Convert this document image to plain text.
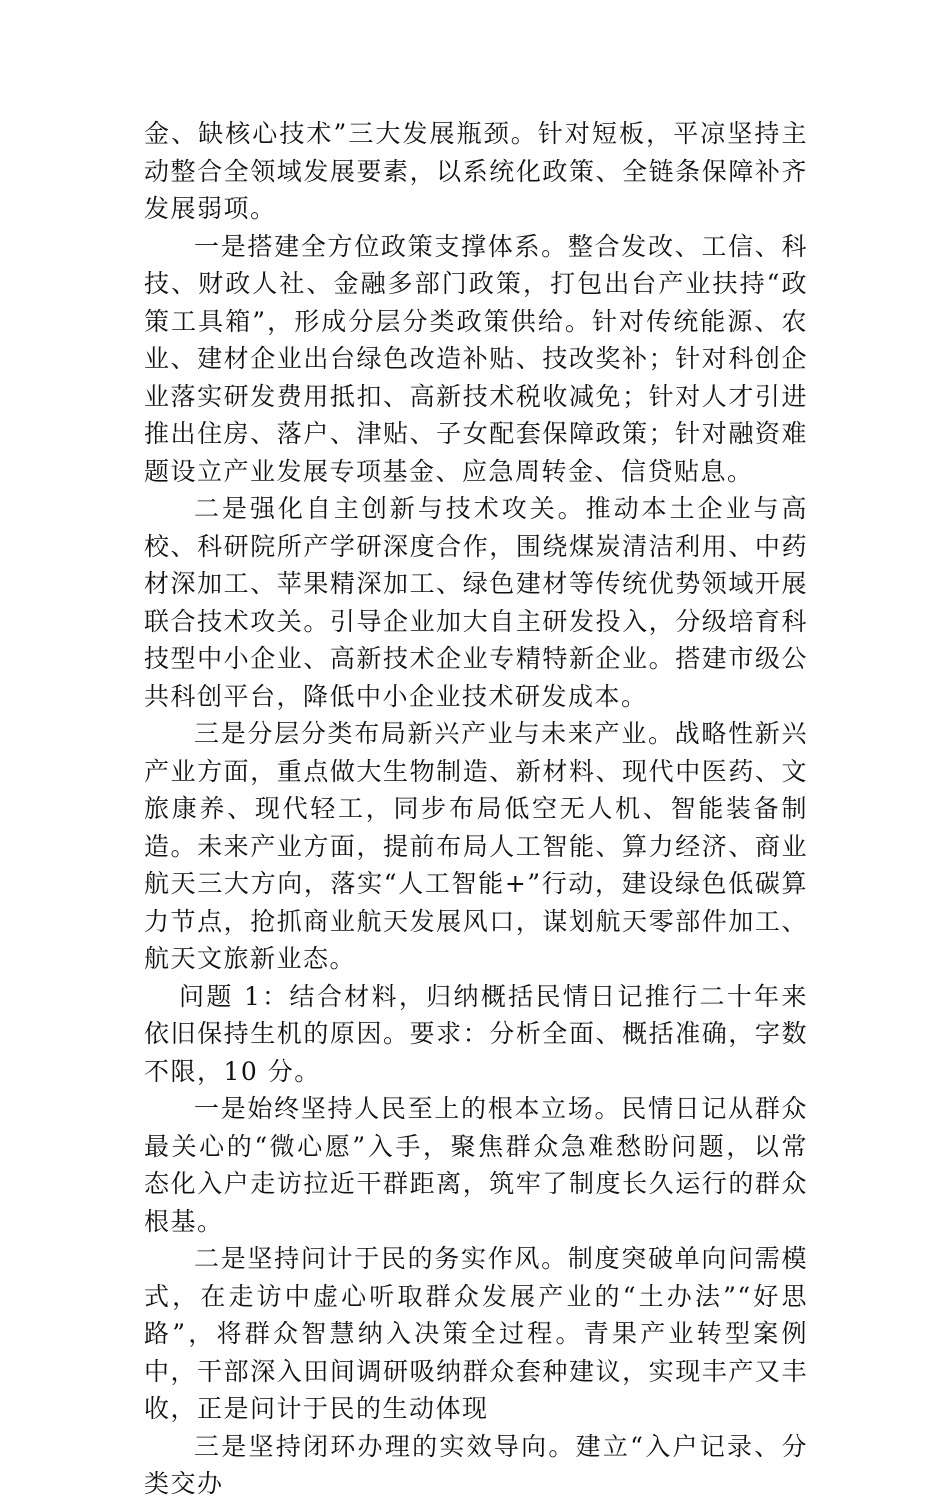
金、缺核心技术”三大发展瓶颈。针对短板，平凉坚持主动整合全领域发展要素，以系统化政策、全链条保障补齐发展弱项。

一是搭建全方位政策支撑体系。整合发改、工信、科技、财政人社、金融多部门政策，打包出台产业扶持“政策工具箱”，形成分层分类政策供给。针对传统能源、农业、建材企业出台绿色改造补贴、技改奖补；针对科创企业落实研发费用抵扣、高新技术税收减免；针对人才引进推出住房、落户、津贴、子女配套保障政策；针对融资难题设立产业发展专项基金、应急周转金、信贷贴息。

二是强化自主创新与技术攻关。推动本土企业与高校、科研院所产学研深度合作，围绕煤炭清洁利用、中药材深加工、苹果精深加工、绿色建材等传统优势领域开展联合技术攻关。引导企业加大自主研发投入，分级培育科技型中小企业、高新技术企业专精特新企业。搭建市级公共科创平台，降低中小企业技术研发成本。

三是分层分类布局新兴产业与未来产业。战略性新兴产业方面，重点做大生物制造、新材料、现代中医药、文旅康养、现代轻工，同步布局低空无人机、智能装备制造。未来产业方面，提前布局人工智能、算力经济、商业航天三大方向，落实“人工智能+”行动，建设绿色低碳算力节点，抢抓商业航天发展风口，谋划航天零部件加工、航天文旅新业态。

问题 1：结合材料，归纳概括民情日记推行二十年来依旧保持生机的原因。要求：分析全面、概括准确，字数不限，10 分。

一是始终坚持人民至上的根本立场。民情日记从群众最关心的“微心愿”入手，聚焦群众急难愁盼问题，以常态化入户走访拉近干群距离，筑牢了制度长久运行的群众根基。

二是坚持问计于民的务实作风。制度突破单向问需模式，在走访中虚心听取群众发展产业的“土办法”“好思路”，将群众智慧纳入决策全过程。青果产业转型案例中，干部深入田间调研吸纳群众套种建议，实现丰产又丰收，正是问计于民的生动体现

三是坚持闭环办理的实效导向。建立“入户记录、分类交办
